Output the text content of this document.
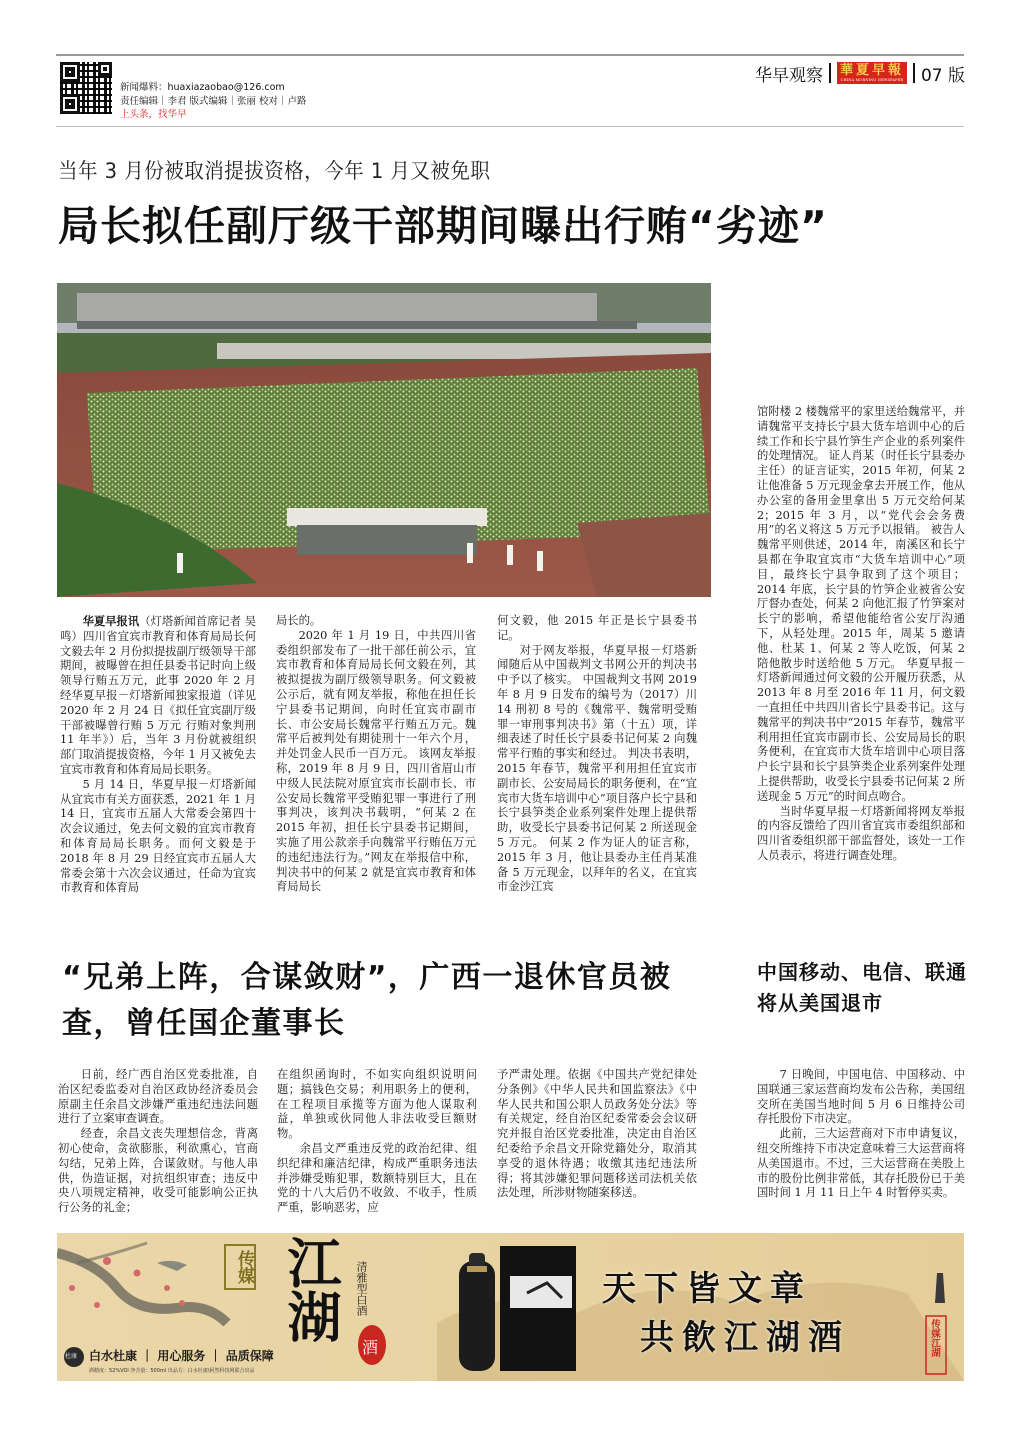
新闻爆料：huaxiazaobao@126.com
责任编辑｜李君 版式编辑｜张丽 校对｜卢路
上头条，找华早
华早观察 華夏早報
CHINA MORNING NEWSPAPER 07 版
当年 3 月份被取消提拔资格，今年 1 月又被免职
局长拟任副厅级干部期间曝出行贿“劣迹”

华夏早报讯（灯塔新闻首席记者 吴鸣）四川省宜宾市教育和体育局局长何文毅去年 2 月份拟提拔副厅级领导干部期间，被曝曾在担任县委书记时向上级领导行贿五万元，此事 2020 年 2 月经华夏早报－灯塔新闻独家报道（详见 2020 年 2 月 24 日《拟任宜宾副厅级干部被曝曾行贿 5 万元 行贿对象判刑 11 年半》）后，当年 3 月份就被组织部门取消提拔资格，今年 1 月又被免去宜宾市教育和体育局局长职务。

5 月 14 日，华夏早报－灯塔新闻从宜宾市有关方面获悉，2021 年 1 月 14 日，宜宾市五届人大常委会第四十次会议通过，免去何文毅的宜宾市教育和体育局局长职务。而何文毅是于 2018 年 8 月 29 日经宜宾市五届人大常委会第十六次会议通过，任命为宜宾市教育和体育局

局长的。

2020 年 1 月 19 日，中共四川省委组织部发布了一批干部任前公示，宜宾市教育和体育局局长何文毅在列，其被拟提拔为副厅级领导职务。何文毅被公示后，就有网友举报，称他在担任长宁县委书记期间，向时任宜宾市副市长、市公安局长魏常平行贿五万元。魏常平后被判处有期徒刑十一年六个月，并处罚金人民币一百万元。 该网友举报称，2019 年 8 月 9 日，四川省眉山市中级人民法院对原宜宾市长副市长、市公安局长魏常平受贿犯罪一事进行了刑事判决，该判决书载明，“何某 2 在 2015 年初，担任长宁县委书记期间，实施了用公款亲手向魏常平行贿伍万元的违纪违法行为。”网友在举报信中称，判决书中的何某 2 就是宜宾市教育和体育局局长

何文毅，他 2015 年正是长宁县委书记。

对于网友举报，华夏早报－灯塔新闻随后从中国裁判文书网公开的判决书中予以了核实。 中国裁判文书网 2019 年 8 月 9 日发布的编号为（2017）川 14 刑初 8 号的《魏常平、魏常明受贿罪一审刑事判决书》第（十五）项，详细表述了时任长宁县委书记何某 2 向魏常平行贿的事实和经过。 判决书表明，2015 年春节，魏常平利用担任宜宾市副市长、公安局局长的职务便利，在“宜宾市大货车培训中心”项目落户长宁县和长宁县笋类企业系列案件处理上提供帮助，收受长宁县委书记何某 2 所送现金 5 万元。 何某 2 作为证人的证言称，2015 年 3 月，他让县委办主任肖某准备 5 万元现金，以拜年的名义，在宜宾市金沙江宾

馆附楼 2 楼魏常平的家里送给魏常平，并请魏常平支持长宁县大货车培训中心的后续工作和长宁县竹笋生产企业的系列案件的处理情况。 证人肖某（时任长宁县委办主任）的证言证实，2015 年初，何某 2 让他准备 5 万元现金拿去开展工作，他从办公室的备用金里拿出 5 万元交给何某 2；2015 年 3 月，以“党代会会务费用”的名义将这 5 万元予以报销。 被告人魏常平则供述，2014 年，南溪区和长宁县都在争取宜宾市“大货车培训中心”项目，最终长宁县争取到了这个项目；2014 年底，长宁县的竹笋企业被省公安厅督办查处，何某 2 向他汇报了竹笋案对长宁的影响，希望他能给省公安厅沟通下，从轻处理。2015 年，周某 5 邀请他、杜某 1、何某 2 等人吃饭，何某 2 陪他散步时送给他 5 万元。 华夏早报－灯塔新闻通过何文毅的公开履历获悉，从 2013 年 8 月至 2016 年 11 月，何文毅一直担任中共四川省长宁县委书记。这与魏常平的判决书中“2015 年春节，魏常平利用担任宜宾市副市长、公安局局长的职务便利，在宜宾市大货车培训中心项目落户长宁县和长宁县笋类企业系列案件处理上提供帮助，收受长宁县委书记何某 2 所送现金 5 万元”的时间点吻合。

当时华夏早报－灯塔新闻将网友举报的内容反馈给了四川省宜宾市委组织部和四川省委组织部干部监督处，该处一工作人员表示，将进行调查处理。

“兄弟上阵，合谋敛财”，广西一退休官员被查，曾任国企董事长

日前，经广西自治区党委批准，自治区纪委监委对自治区政协经济委员会原副主任余昌文涉嫌严重违纪违法问题进行了立案审查调查。

经查，余昌文丧失理想信念，背离初心使命，贪欲膨胀，利欲熏心，官商勾结，兄弟上阵，合谋敛财。与他人串供，伪造证据，对抗组织审查；违反中央八项规定精神，收受可能影响公正执行公务的礼金；

在组织函询时，不如实向组织说明问题；搞钱色交易；利用职务上的便利，在工程项目承揽等方面为他人谋取利益，单独或伙同他人非法收受巨额财物。

余昌文严重违反党的政治纪律、组织纪律和廉洁纪律，构成严重职务违法并涉嫌受贿犯罪，数额特别巨大，且在党的十八大后仍不收敛、不收手，性质严重，影响恶劣，应

予严肃处理。依据《中国共产党纪律处分条例》《中华人民共和国监察法》《中华人民共和国公职人员政务处分法》等有关规定，经自治区纪委常委会会议研究并报自治区党委批准，决定由自治区纪委给予余昌文开除党籍处分，取消其享受的退休待遇；收缴其违纪违法所得；将其涉嫌犯罪问题移送司法机关依法处理，所涉财物随案移送。

中国移动、电信、联通将从美国退市

7 日晚间，中国电信、中国移动、中国联通三家运营商均发布公告称，美国纽交所在美国当地时间 5 月 6 日维持公司存托股份下市决定。

此前，三大运营商对下市申请复议，纽交所维持下市决定意味着三大运营商将从美国退市。不过，三大运营商在美股上市的股份比例非常低，其存托股份已于美国时间 1 月 11 日上午 4 时暂停买卖。

传媒 江湖 清雅型白酒
酒
杜康 白水杜康 ｜ 用心服务 ｜ 品质保障
酒精度：52%VOl 净含量：500ml 出品方：白水杜康\阿然科技网联合出品
天下皆文章
共飲江湖酒	传媒江湖
